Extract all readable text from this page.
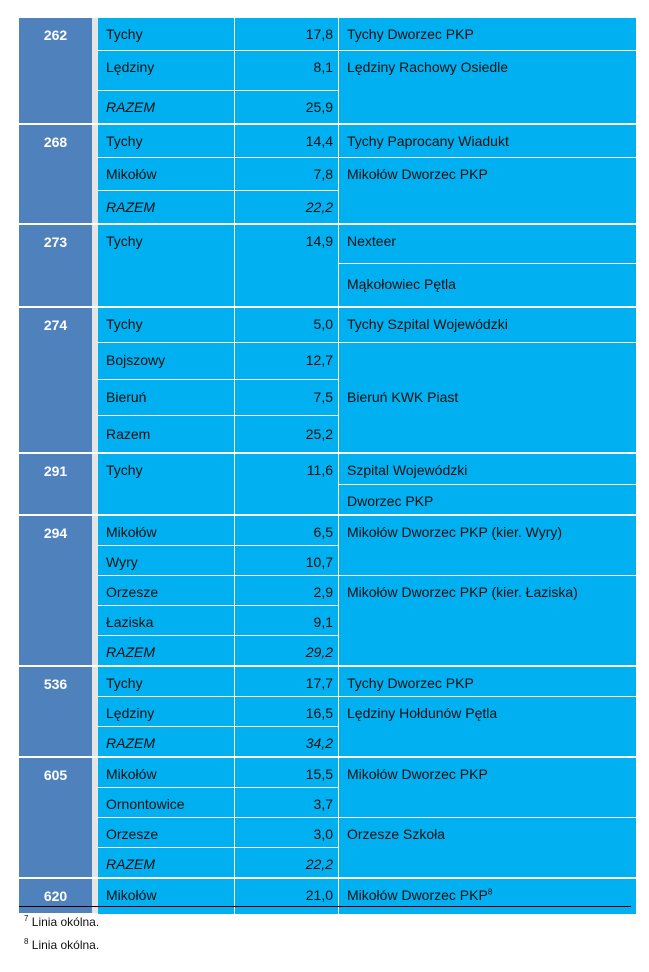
262		Tychy	17,8	Tychy Dworzec PKP
		Lędziny	8,1	Lędziny Rachowy Osiedle
		RAZEM	25,9	
268		Tychy	14,4	Tychy Paprocany Wiadukt
		Mikołów	7,8	Mikołów Dworzec PKP
		RAZEM	22,2	
273		Tychy	14,9	Nexteer
				Mąkołowiec Pętla
274		Tychy	5,0	Tychy Szpital Wojewódzki
		Bojszowy	12,7	Bieruń KWK Piast
		Bieruń	7,5	
		Razem	25,2	
291		Tychy	11,6	Szpital Wojewódzki
				Dworzec PKP
294		Mikołów	6,5	Mikołów Dworzec PKP (kier. Wyry)
		Wyry	10,7	
		Orzesze	2,9	Mikołów Dworzec PKP (kier. Łaziska)
		Łaziska	9,1	
		RAZEM	29,2	
536		Tychy	17,7	Tychy Dworzec PKP
		Lędziny	16,5	Lędziny Hołdunów Pętla
		RAZEM	34,2	
605		Mikołów	15,5	Mikołów Dworzec PKP
		Ornontowice	3,7	
		Orzesze	3,0	Orzesze Szkoła
		RAZEM	22,2	
620		Mikołów	21,0	Mikołów Dworzec PKP$^8$
$^7$ Linia okólna.
$^8$ Linia okólna.
